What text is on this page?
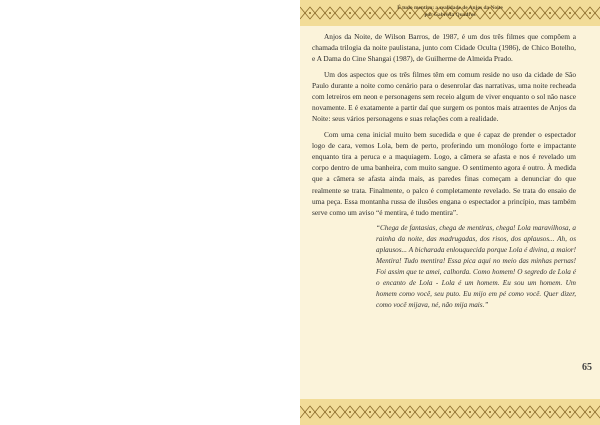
É tudo mentira: a realidade de Anjos da Noite
por Gabriela Quadros

Anjos da Noite, de Wilson Barros, de 1987, é um dos três filmes que compõem a chamada trilogia da noite paulistana, junto com Cidade Oculta (1986), de Chico Botelho, e A Dama do Cine Shangai (1987), de Guilherme de Almeida Prado.

Um dos aspectos que os três filmes têm em comum reside no uso da cidade de São Paulo durante a noite como cenário para o desenrolar das narrativas, uma noite recheada com letreiros em neon e personagens sem receio algum de viver enquanto o sol não nasce novamente. E é exatamente a partir daí que surgem os pontos mais atraentes de Anjos da Noite: seus vários personagens e suas relações com a realidade.

Com uma cena inicial muito bem sucedida e que é capaz de prender o espectador logo de cara, vemos Lola, bem de perto, proferindo um monólogo forte e impactante enquanto tira a peruca e a maquiagem. Logo, a câmera se afasta e nos é revelado um corpo dentro de uma banheira, com muito sangue. O sentimento agora é outro. À medida que a câmera se afasta ainda mais, as paredes finas começam a denunciar do que realmente se trata. Finalmente, o palco é completamente revelado. Se trata do ensaio de uma peça. Essa montanha russa de ilusões engana o espectador a princípio, mas também serve como um aviso “é mentira, é tudo mentira”.

“Chega de fantasias, chega de mentiras, chega! Lola maravilhosa, a rainha da noite, das madrugadas, dos risos, dos aplausos... Ah, os aplausos... A bicharada enlouquecida porque Lola é divina, a maior! Mentira! Tudo mentira! Essa pica aqui no meio das minhas pernas! Foi assim que te amei, calhorda. Como homem! O segredo de Lola é o encanto de Lola - Lola é um homem. Eu sou um homem. Um homem como você, seu puto. Eu mijo em pé como você. Quer dizer, como você mijava, né, não mija mais.”

65
